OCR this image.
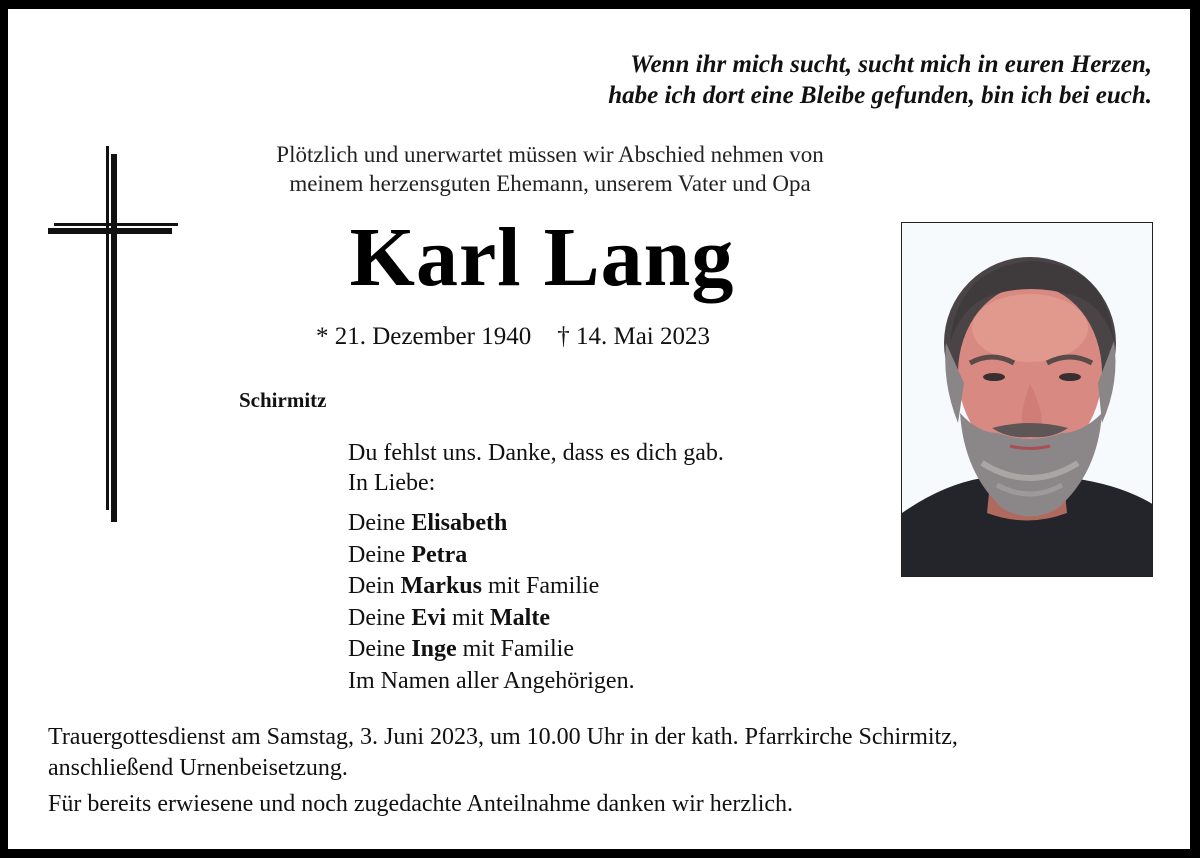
Wenn ihr mich sucht, sucht mich in euren Herzen,
habe ich dort eine Bleibe gefunden, bin ich bei euch.
Plötzlich und unerwartet müssen wir Abschied nehmen von
meinem herzensguten Ehemann, unserem Vater und Opa
Karl Lang
* 21. Dezember 1940 † 14. Mai 2023
Schirmitz
Du fehlst uns. Danke, dass es dich gab.
In Liebe:
Deine Elisabeth
Deine Petra
Dein Markus mit Familie
Deine Evi mit Malte
Deine Inge mit Familie
Im Namen aller Angehörigen.
Trauergottesdienst am Samstag, 3. Juni 2023, um 10.00 Uhr in der kath. Pfarrkirche Schirmitz,
anschließend Urnenbeisetzung.
Für bereits erwiesene und noch zugedachte Anteilnahme danken wir herzlich.
